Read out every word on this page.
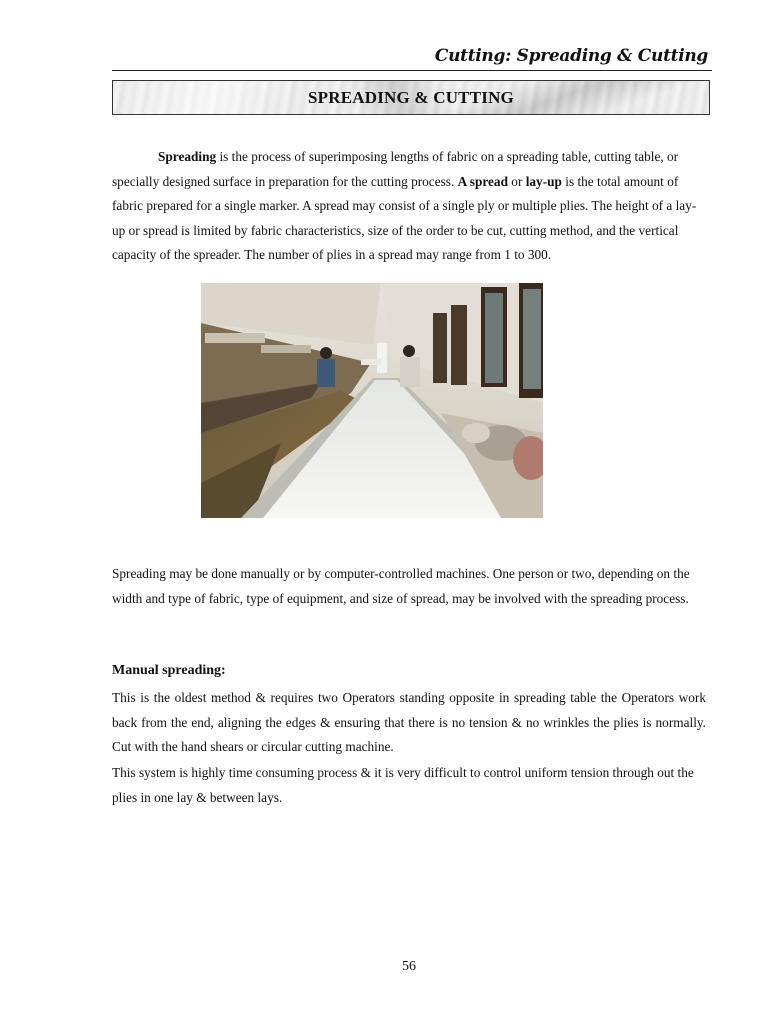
Cutting: Spreading & Cutting
SPREADING & CUTTING

Spreading is the process of superimposing lengths of fabric on a spreading table, cutting table, or specially designed surface in preparation for the cutting process. A spread or lay-up is the total amount of fabric prepared for a single marker. A spread may consist of a single ply or multiple plies. The height of a lay-up or spread is limited by fabric characteristics, size of the order to be cut, cutting method, and the vertical capacity of the spreader. The number of plies in a spread may range from 1 to 300.

Spreading may be done manually or by computer-controlled machines. One person or two, depending on the width and type of fabric, type of equipment, and size of spread, may be involved with the spreading process.

Manual spreading:

This is the oldest method & requires two Operators standing opposite in spreading table the Operators work back from the end, aligning the edges & ensuring that there is no tension & no wrinkles the plies is normally. Cut with the hand shears or circular cutting machine.

This system is highly time consuming process & it is very difficult to control uniform tension through out the plies in one lay & between lays.

56
